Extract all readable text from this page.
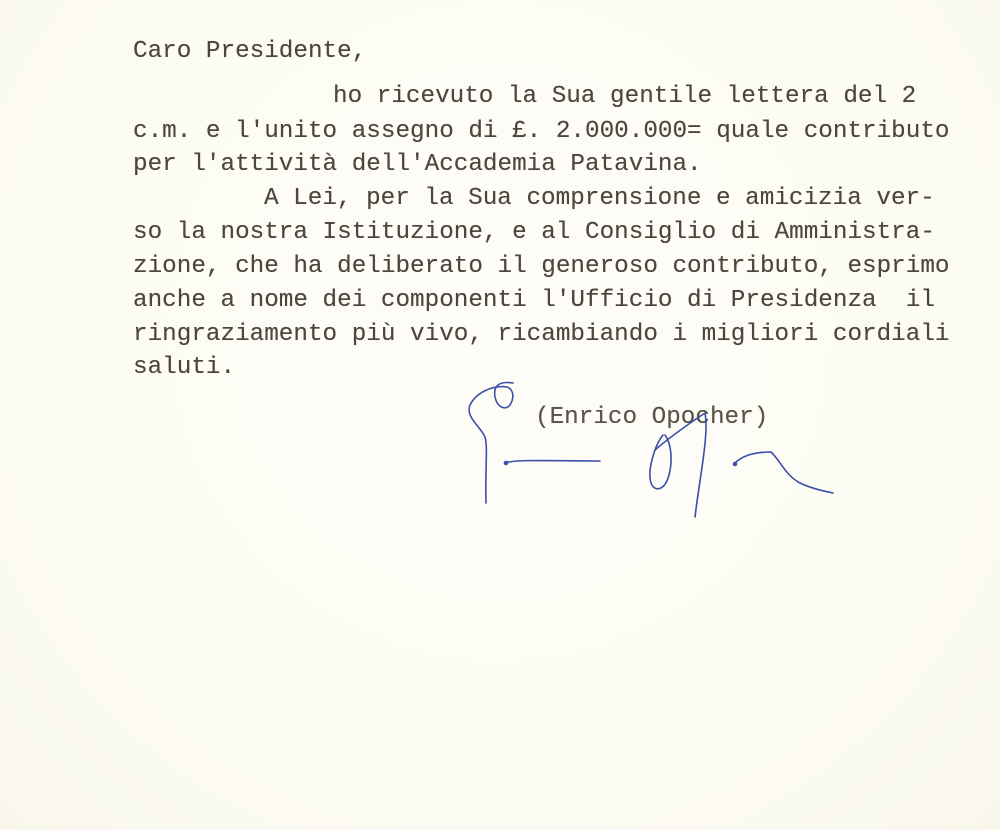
Caro Presidente,
ho ricevuto la Sua gentile lettera del 2
c.m. e l'unito assegno di £. 2.000.000= quale contributo
per l'attività dell'Accademia Patavina.
A Lei, per la Sua comprensione e amicizia ver-
so la nostra Istituzione, e al Consiglio di Amministra-
zione, che ha deliberato il generoso contributo, esprimo
anche a nome dei componenti l'Ufficio di Presidenza  il
ringraziamento più vivo, ricambiando i migliori cordiali
saluti.
(Enrico Opocher)
